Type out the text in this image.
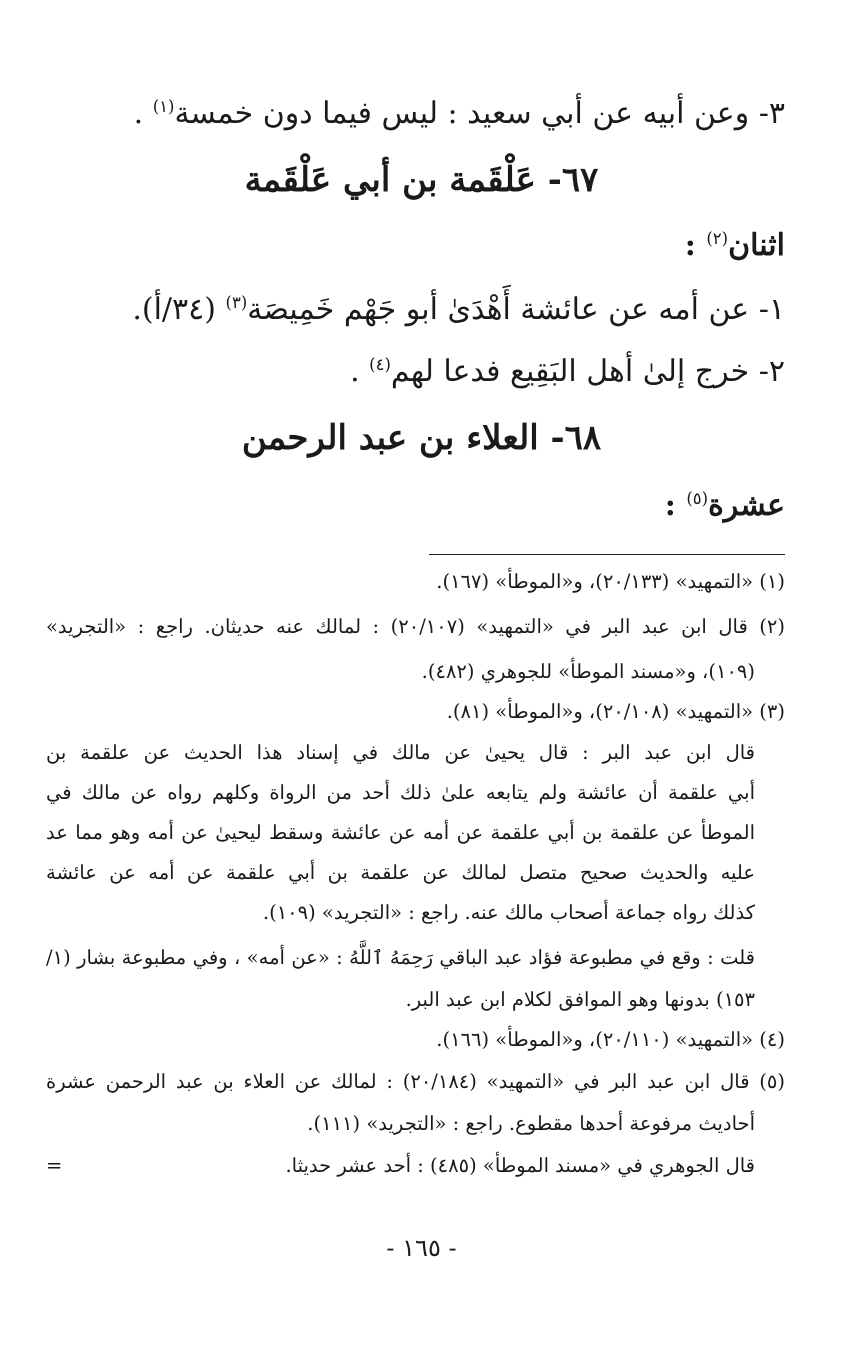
٣- وعن أبيه عن أبي سعيد : ليس فيما دون خمسة$^{(١)}$ .
٦٧- عَلْقَمة بن أبي عَلْقَمة
اثنان$^{(٢)}$ :
١- عن أمه عن عائشة أَهْدَىٰ أبو جَهْم خَمِيصَة$^{(٣)}$ (٣٤/أ).
٢- خرج إلىٰ أهل البَقِيع فدعا لهم$^{(٤)}$ .
٦٨- العلاء بن عبد الرحمن
عشرة$^{(٥)}$ :
(١) «التمهيد» (٢٠/١٣٣)، و«الموطأ» (١٦٧).
(٢) قال ابن عبد البر في «التمهيد» (٢٠/١٠٧) : لمالك عنه حديثان. راجع : «التجريد»
(١٠٩)، و«مسند الموطأ» للجوهري (٤٨٢).
(٣) «التمهيد» (٢٠/١٠٨)، و«الموطأ» (٨١).
قال ابن عبد البر : قال يحيىٰ عن مالك في إسناد هذا الحديث عن علقمة بن
أبي علقمة أن عائشة ولم يتابعه علىٰ ذلك أحد من الرواة وكلهم رواه عن مالك في
الموطأ عن علقمة بن أبي علقمة عن أمه عن عائشة وسقط ليحيىٰ عن أمه وهو مما عد
عليه والحديث صحيح متصل لمالك عن علقمة بن أبي علقمة عن أمه عن عائشة
كذلك رواه جماعة أصحاب مالك عنه. راجع : «التجريد» (١٠٩).
قلت : وقع في مطبوعة فؤاد عبد الباقي رَحِمَهُ ٱللَّهُ : «عن أمه» ، وفي مطبوعة بشار (١/
١٥٣) بدونها وهو الموافق لكلام ابن عبد البر.
(٤) «التمهيد» (٢٠/١١٠)، و«الموطأ» (١٦٦).
(٥) قال ابن عبد البر في «التمهيد» (٢٠/١٨٤) : لمالك عن العلاء بن عبد الرحمن عشرة
أحاديث مرفوعة أحدها مقطوع. راجع : «التجريد» (١١١).
قال الجوهري في «مسند الموطأ» (٤٨٥) : أحد عشر حديثا.
=
- ١٦٥ -
